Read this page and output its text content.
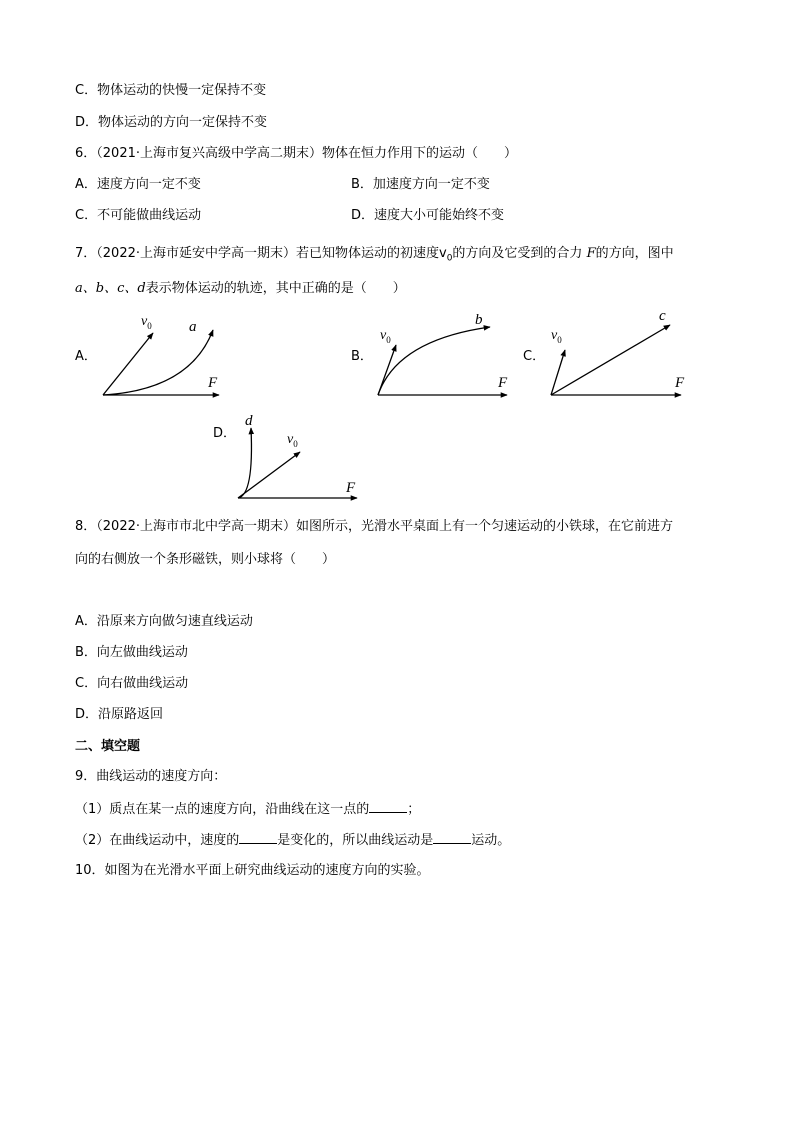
C．物体运动的快慢一定保持不变
D．物体运动的方向一定保持不变
6．（2021·上海市复兴高级中学高二期末）物体在恒力作用下的运动（　　）
A．速度方向一定不变	B．加速度方向一定不变
C．不可能做曲线运动	D．速度大小可能始终不变
7．（2022·上海市延安中学高一期末）若已知物体运动的初速度$v_0$的方向及它受到的合力 F的方向，图中
a、b、c、d表示物体运动的轨迹，其中正确的是（　　）
A．	B．	C．
D．
$v_0$ a
F
$v_0$
b
F
$v_0$
c
F
$v_0$
d
F
8．（2022·上海市市北中学高一期末）如图所示，光滑水平桌面上有一个匀速运动的小铁球，在它前进方
向的右侧放一个条形磁铁，则小球将（　　）
A．沿原来方向做匀速直线运动
B．向左做曲线运动
C．向右做曲线运动
D．沿原路返回
二、填空题
9．曲线运动的速度方向：
（1）质点在某一点的速度方向，沿曲线在这一点的	；
（2）在曲线运动中，速度的	是变化的，所以曲线运动是	运动。
10．如图为在光滑水平面上研究曲线运动的速度方向的实验。
